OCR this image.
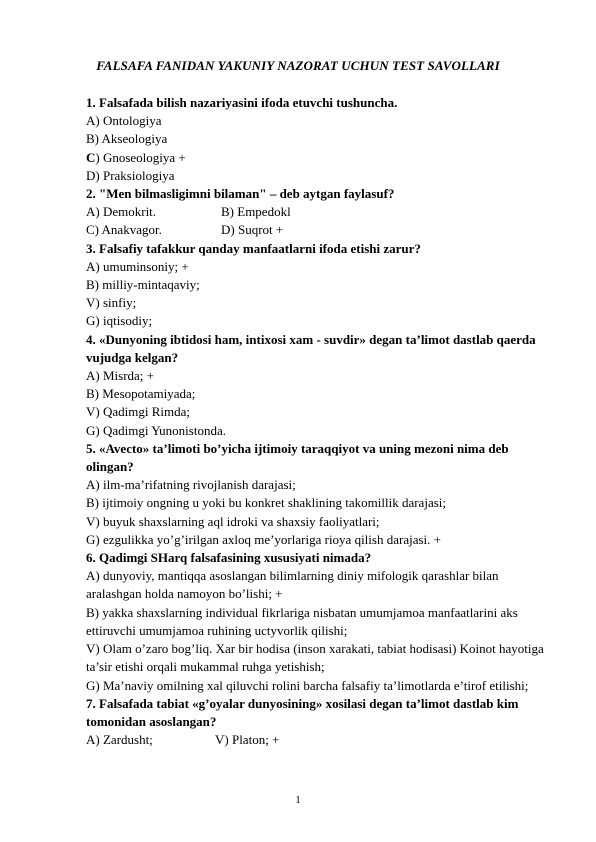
FALSAFA FANIDAN YAKUNIY NAZORAT UCHUN TEST SAVOLLARI
1. Falsafada bilish nazariyasini ifoda etuvchi tushuncha.
A) Ontologiya
B) Akseologiya
C) Gnoseologiya +
D) Praksiologiya
2. "Men bilmasligimni bilaman" – deb aytgan faylasuf?
A) Demokrit.	B) Empedokl
C) Anakvagor.	D) Suqrot +
3. Falsafiy tafakkur qanday manfaatlarni ifoda etishi zarur?
A) umuminsoniy; +
B) milliy-mintaqaviy;
V) sinfiy;
G) iqtisodiy;
4. «Dunyoning ibtidosi ham, intixosi xam - suvdir» degan ta’limot dastlab qaerda vujudga kelgan?
A) Misrda; +
B) Mesopotamiyada;
V) Qadimgi Rimda;
G) Qadimgi Yunonistonda.
5. «Avecto» ta’limoti bo’yicha ijtimoiy taraqqiyot va uning mezoni nima deb olingan?
A) ilm-ma’rifatning rivojlanish darajasi;
B) ijtimoiy ongning u yoki bu konkret shaklining takomillik darajasi;
V) buyuk shaxslarning aql idroki va shaxsiy faoliyatlari;
G) ezgulikka yo’g’irilgan axloq me’yorlariga rioya qilish darajasi. +
6. Qadimgi SHarq falsafasining xususiyati nimada?
A) dunyoviy, mantiqqa asoslangan bilimlarning diniy mifologik qarashlar bilan aralashgan holda namoyon bo’lishi; +
B) yakka shaxslarning individual fikrlariga nisbatan umumjamoa manfaatlarini aks ettiruvchi umumjamoa ruhining uctyvorlik qilishi;
V) Olam o’zaro bog’liq. Xar bir hodisa (inson xarakati, tabiat hodisasi) Koinot hayotiga ta’sir etishi orqali mukammal ruhga yetishish;
G) Ma’naviy omilning xal qiluvchi rolini barcha falsafiy ta’limotlarda e’tirof etilishi;
7. Falsafada tabiat «g’oyalar dunyosining» xosilasi degan ta’limot dastlab kim tomonidan asoslangan?
A) Zardusht;	V) Platon; +
1
